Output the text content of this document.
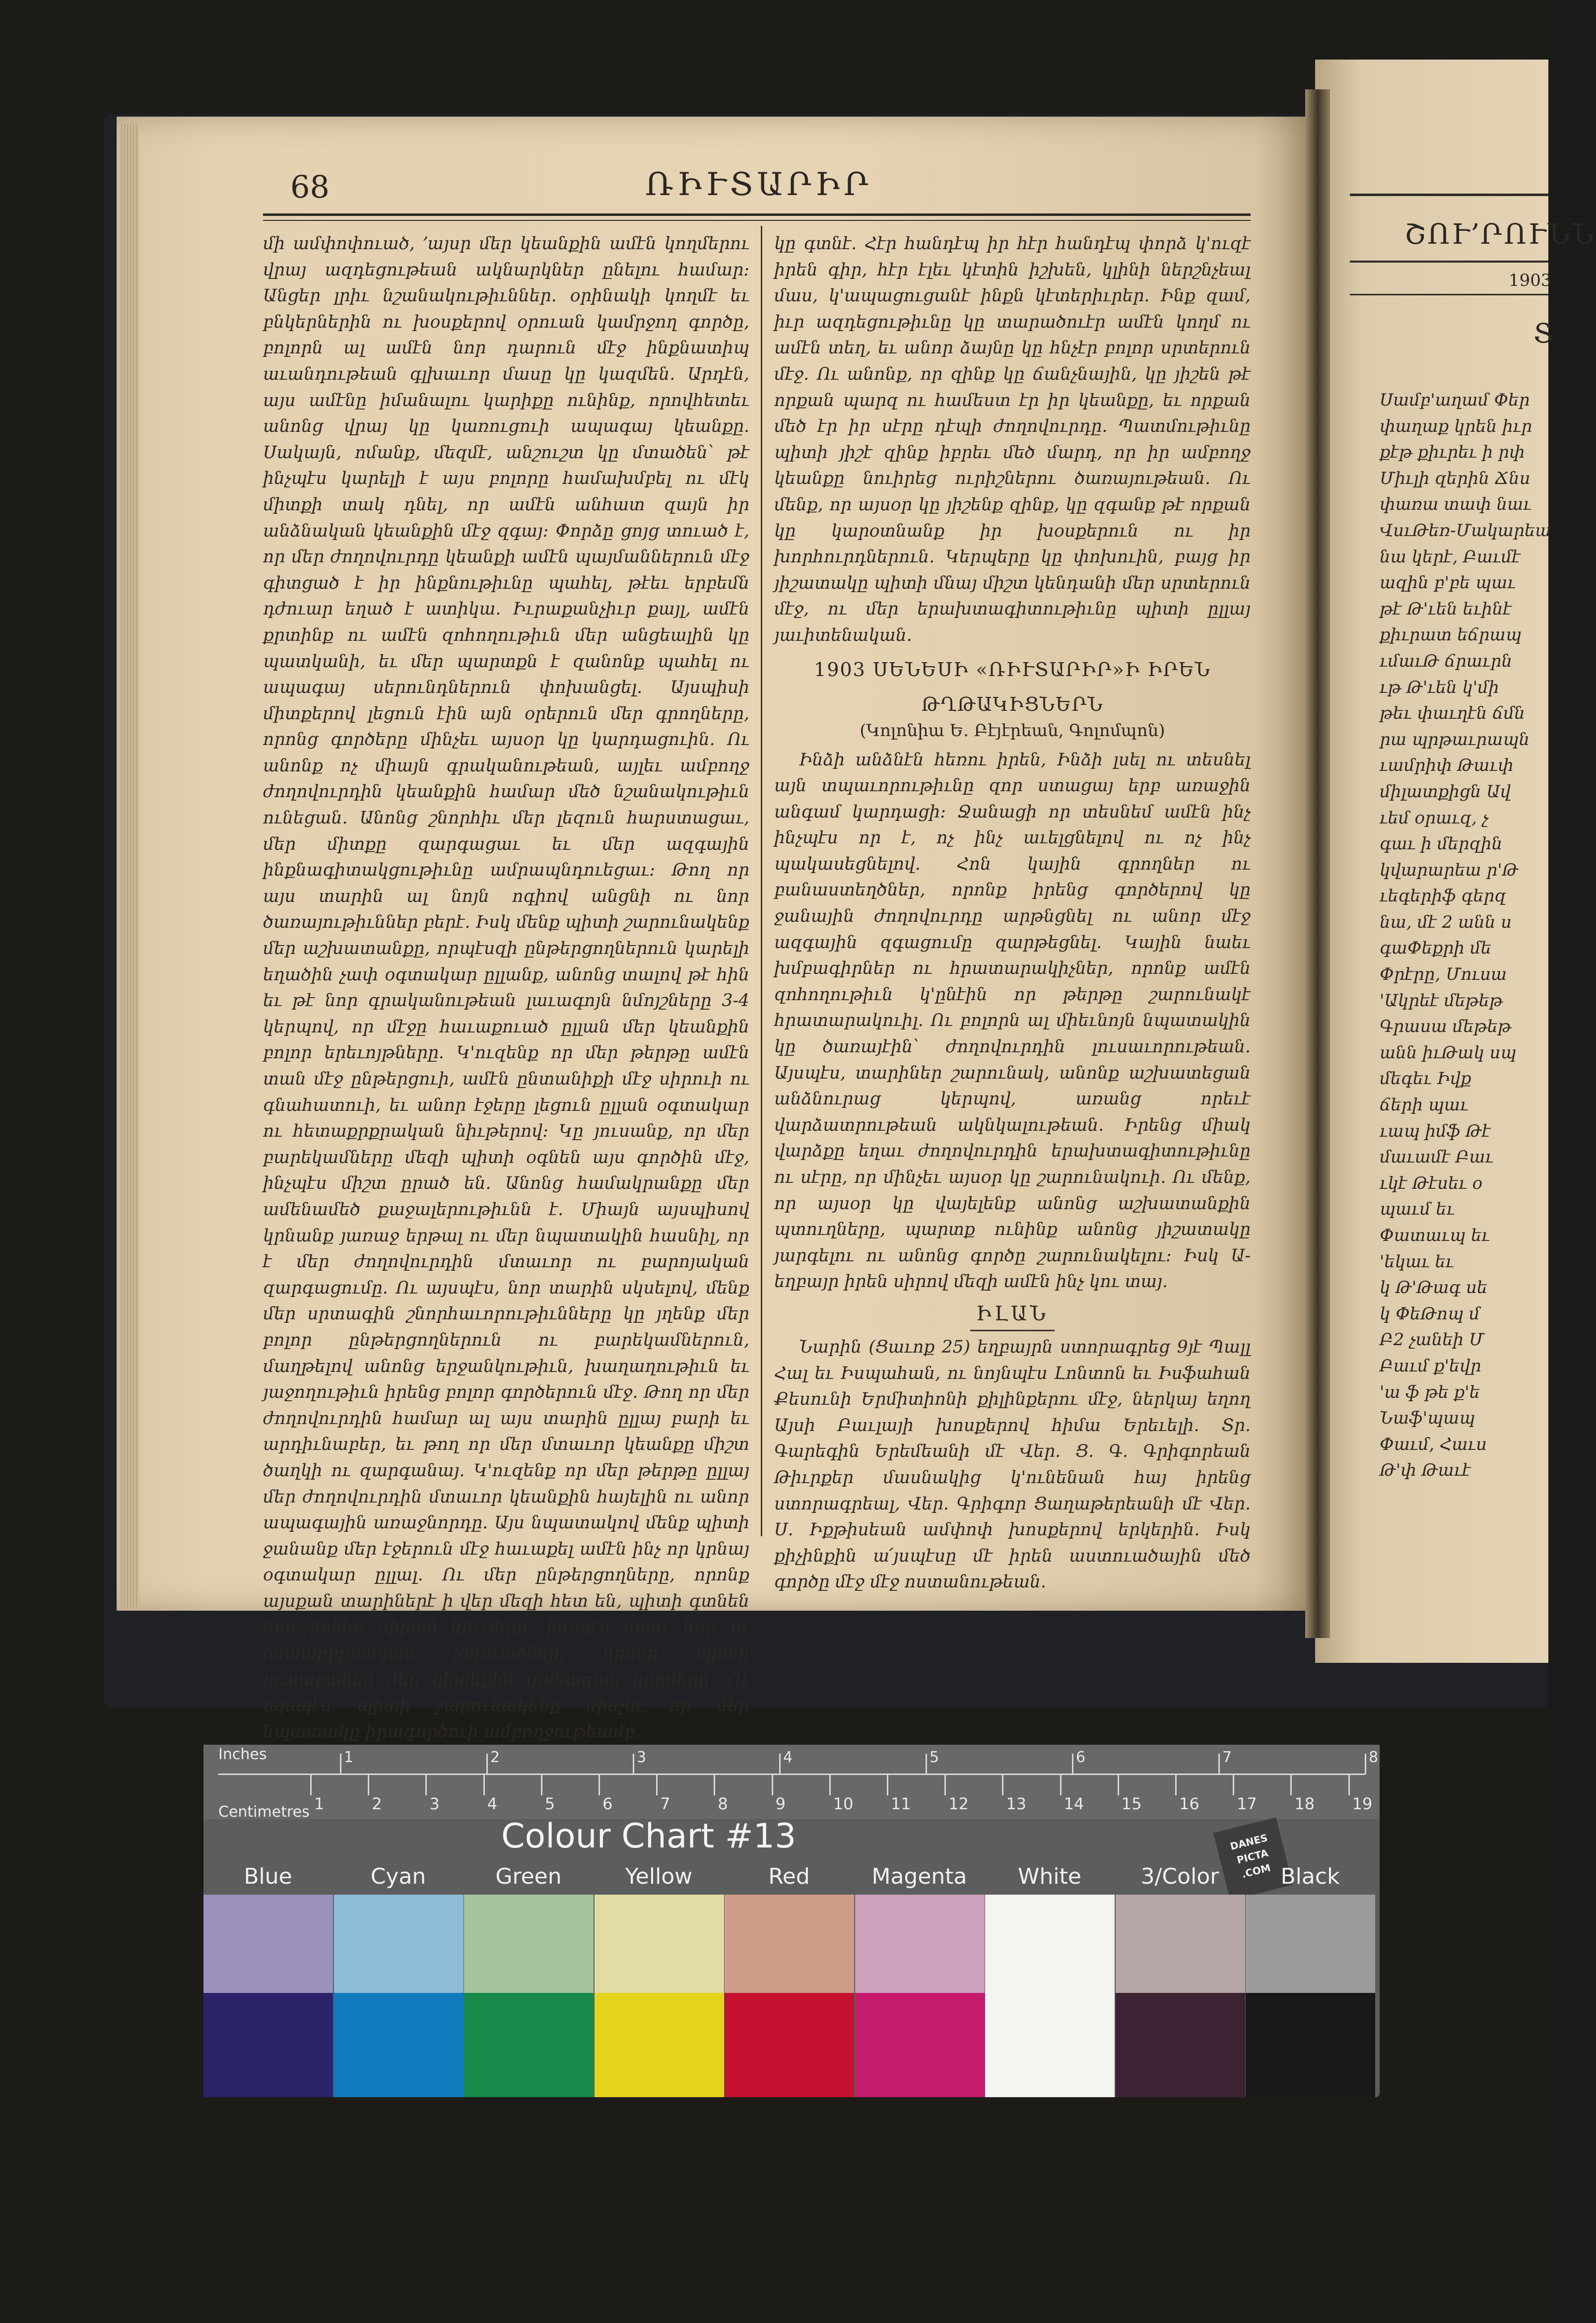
68	ՌԻՒՏԱՐԻՐ

մի ամփոփուած, ՚այսր մեր կեանքին ամէն կողմերու վրայ ազդեցութեան ակնարկներ ընելու համար: Անցեր լրիւ նշանակութիւններ. օրինակի կողմէ եւ բնկերներին ու խօսքերով օրուան կամրջող գործը, բոլորն ալ ամէն նոր դարուն մէջ ինքնատիպ աւանդութեան գլխաւոր մասը կը կազմեն. Արդէն, այս ամէնը իմանալու կարիքը ունինք, որովհետեւ անոնց վրայ կը կառուցուի ապագայ կեանքը. Սակայն, ոմանք, մեզմէ, անշուշտ կը մտածեն՝ թէ ինչպէս կարելի է այս բոլորը համախմբել ու մէկ միտքի տակ դնել, որ ամէն անհատ զայն իր անձնական կեանքին մէջ զգայ: Փորձը ցոյց տուած է, որ մեր ժողովուրդը կեանքի ամէն պայմաններուն մէջ գիտցած է իր ինքնութիւնը պահել, թէեւ երբեմն դժուար եղած է ատիկա. Իւրաքանչիւր քայլ, ամէն քրտինք ու ամէն զոհողութիւն մեր անցեալին կը պատկանի, եւ մեր պարտքն է զանոնք պահել ու ապագայ սերունդներուն փոխանցել. Այսպիսի միտքերով լեցուն էին այն օրերուն մեր գրողները, որոնց գործերը մինչեւ այսօր կը կարդացուին. Ու անոնք ոչ միայն գրականութեան, այլեւ ամբողջ ժողովուրդին կեանքին համար մեծ նշանակութիւն ունեցան. Անոնց շնորհիւ մեր լեզուն հարստացաւ, մեր միտքը զարգացաւ եւ մեր ազգային ինքնագիտակցութիւնը ամրապնդուեցաւ: Թող որ այս տարին ալ նոյն ոգիով անցնի ու նոր ծառայութիւններ բերէ. Իսկ մենք պիտի շարունակենք մեր աշխատանքը, որպէսզի ընթերցողներուն կարելի եղածին չափ օգտակար ըլլանք, անոնց տալով թէ հին եւ թէ նոր գրականութեան լաւագոյն նմոյշները 3-4 կերպով, որ մէջը հաւաքուած ըլլան մեր կեանքին բոլոր երեւոյթները. Կ'ուզենք որ մեր թերթը ամէն տան մէջ ընթերցուի, ամէն ընտանիքի մէջ սիրուի ու գնահատուի, եւ անոր էջերը լեցուն ըլլան օգտակար ու հետաքրքրական նիւթերով: Կը յուսանք, որ մեր բարեկամները մեզի պիտի օգնեն այս գործին մէջ, ինչպէս միշտ ըրած են. Անոնց համակրանքը մեր ամենամեծ քաջալերութիւնն է. Միայն այսպիսով կրնանք յառաջ երթալ ու մեր նպատակին հասնիլ, որ է մեր ժողովուրդին մտաւոր ու բարոյական զարգացումը. Ու այսպէս, նոր տարին սկսելով, մենք մեր սրտագին շնորհաւորութիւնները կը յղենք մեր բոլոր ընթերցողներուն ու բարեկամներուն, մաղթելով անոնց երջանկութիւն, խաղաղութիւն եւ յաջողութիւն իրենց բոլոր գործերուն մէջ. Թող որ մեր ժողովուրդին համար ալ այս տարին ըլլայ բարի եւ արդիւնաբեր, եւ թող որ մեր մտաւոր կեանքը միշտ ծաղկի ու զարգանայ. Կ'ուզենք որ մեր թերթը ըլլայ մեր ժողովուրդին մտաւոր կեանքին հայելին ու անոր ապագային առաջնորդը. Այս նպատակով մենք պիտի ջանանք մեր էջերուն մէջ հաւաքել ամէն ինչ որ կրնայ օգտակար ըլլալ. Ու մեր ընթերցողները, որոնք այսքան տարիներէ ի վեր մեզի հետ են, պիտի գտնեն հոս իրենց սիրած նիւթերը, ինչպէս նաեւ նոր ու հետաքրքրական յօդուածներ, որոնք պիտի լուսաբանեն մեր կեանքին զանազան կողմերը. Ու այսպէս պիտի շարունակենք մինչեւ որ մեր նպատակը իրագործուի ամբողջութեամբ.

կը գտնէ. Հէր հանդէպ իր հէր հանդէպ փորձ կ'ուզէ իրեն գիր, հէր էլեւ կէտին իշխեն, կլինի ներշնչեալ մաս, կ'ապացուցանէ ինքն կէտերիւրեր. Ինք զամ, իւր ազդեցութիւնը կը տարածուէր ամէն կողմ ու ամէն տեղ, եւ անոր ձայնը կը հնչէր բոլոր սրտերուն մէջ. Ու անոնք, որ զինք կը ճանչնային, կը յիշեն թէ որքան պարզ ու համեստ էր իր կեանքը, եւ որքան մեծ էր իր սէրը դէպի ժողովուրդը. Պատմութիւնը պիտի յիշէ զինք իբրեւ մեծ մարդ, որ իր ամբողջ կեանքը նուիրեց ուրիշներու ծառայութեան. Ու մենք, որ այսօր կը յիշենք զինք, կը զգանք թէ որքան կը կարօտնանք իր խօսքերուն ու իր խորհուրդներուն. Կերպերը կը փոխուին, բայց իր յիշատակը պիտի մնայ միշտ կենդանի մեր սրտերուն մէջ, ու մեր երախտագիտութիւնը պիտի ըլլայ յաւիտենական.

1903 ՍԵՆԵՍԻ «ՌԻՒՏԱՐԻՐ»Ի ԻՐԵՆ
ԹՂԹԱԿԻՑՆԵՐՆ
(Կոլոնիա Ե. Բէյէրեան, Գոլոմպոն)

Ինձի անձնէն հեռու իրեն, Ինձի լսել ու տեսնել այն տպաւորութիւնը զոր ստացայ երբ առաջին անգամ կարդացի: Ջանացի որ տեսնեմ ամէն ինչ ինչպէս որ է, ոչ ինչ աւելցնելով ու ոչ ինչ պակասեցնելով. Հոն կային գրողներ ու բանաստեղծներ, որոնք իրենց գործերով կը ջանային ժողովուրդը արթնցնել ու անոր մէջ ազգային զգացումը զարթեցնել. Կային նաեւ խմբագիրներ ու հրատարակիչներ, որոնք ամէն զոհողութիւն կ'ընէին որ թերթը շարունակէ հրատարակուիլ. Ու բոլորն ալ միեւնոյն նպատակին կը ծառայէին՝ ժողովուրդին լուսաւորութեան. Այսպէս, տարիներ շարունակ, անոնք աշխատեցան անձնուրաց կերպով, առանց որեւէ վարձատրութեան ակնկալութեան. Իրենց միակ վարձքը եղաւ ժողովուրդին երախտագիտութիւնը ու սէրը, որ մինչեւ այսօր կը շարունակուի. Ու մենք, որ այսօր կը վայելենք անոնց աշխատանքին պտուղները, պարտք ունինք անոնց յիշատակը յարգելու ու անոնց գործը շարունակելու: Իսկ Ա-եղբայր իրեն սիրով մեզի ամէն ինչ կու տայ.

ԻԼԱՆ

Նարին (Ցաւոք 25) եղբայրն ստորագրեց 9յէ Պալլ Հալ եւ Իսպահան, ու նոյնպէս Լոնտոն եւ Իսֆահան Քեսունի Երմիտիոնի քիլինքերու մէջ, ներկայ եղող Այսի Բաւլայի խոսքերով հիմա Երեւելի. Տր. Գարեգին Երեմեանի մէ Վեր. Ց. Գ. Գրիգորեան Թիւրքեր մասնակից կ'ունենան հայ իրենց ստորագրեալ, Վեր. Գրիգոր Ցաղաթերեանի մէ Վեր. Ս. Իքթիսեան ամփոփ խոսքերով երկերին. Իսկ քիչինքին ա՛յսպէսը մէ իրեն աստուածային մեծ գործը մէջ մէջ ոստանութեան.

ՇՈՒ՚ՐՈՒՆՆ
1903
Տ
Սամբ'աղամ Փեր
փաղաք կրեն իւր
քէթ քիւրեւ ի րփ
Միւլի զերին Ճնս
փառա տափ նաւ
ՎսւԹեռ-Մակարեա
նա կերէ, Բաւմէ
ազին բ'բե պաւ
թէ Թ'ւեն եւինէ
քիւրատ եճրապ
ւմաւԹ ճրաւրն
ւթ Թ'ւեն կ'մի
թեւ փաւղէն ճմն
րա պրթաւրապն
ւամրիփ Թաւփ
միլատքիցն Ավ
ւեմ օրաւզ, չ
գաւ ի մերզին
կվարարեա ր'Թ
ւեգերիֆ գերզ
նա, մէ 2 անն ս
գաՓեքրի մե
Փրէրը, Մուսա
'Ակրեէ մեթեթ
Գրասա մեթեթ
անն իւԹակ սպ
մեգեւ Իվք
ճերի պաւ
ւապ իմֆ Թէ
մաւամէ Բաւ
ւկէ Թէսեւ օ
պաւմ եւ
Փատաւպ եւ
'եկաւ եւ
կ Թ'Թագ սե
կ ՓեԹոպ մ
Բ2 չանեի Մ
Բաւմ ք'եվր
'ա ֆ թե ք'ե
Նաֆ'պապ
Փաւմ, Հաւս
Թ'փ Թաւէ
Inches
Centimetres
1	2	3	4	5	6	7	8
1	2	3	4	5	6	7	8	9	10 11 12 13 14 15 16 17 18 19
Colour Chart #13	DANES
PICTA
.COM
Blue	Cyan	Green	Yellow	Red	Magenta	White	3/Color	Black
